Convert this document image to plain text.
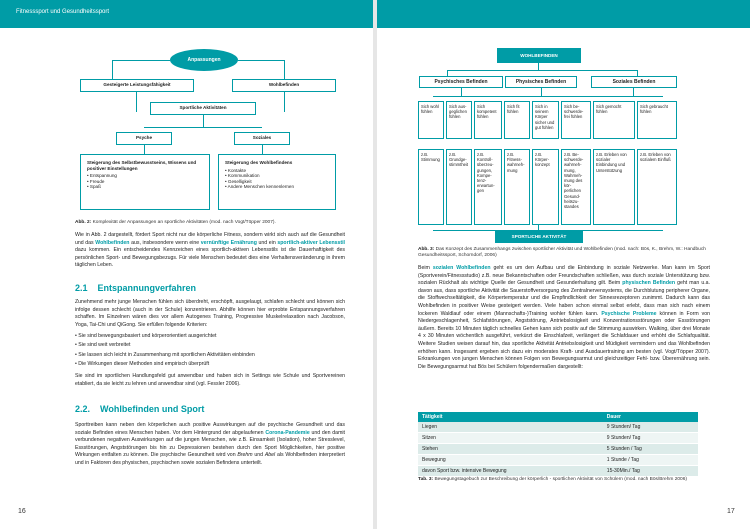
Fitnesssport und Gesundheitssport
Anpassungen
Gesteigerte Leistungsfähigkeit	Wohlbefinden
Sportliche Aktivitäten
Psyche	Soziales
Steigerung des Selbstbewusstseins, Wissens und positiver Einstellungen
• Entspannung
• Freude
• Spaß
Steigerung des Wohlbefindens
• Kontakte
• Kommunikation
• Geselligkeit
• Andere Menschen kennenlernen
Abb. 2: Komplexität der Anpassungen an sportliche Aktivitäten (mod. nach Vogt/Töpper 2007).
Wie in Abb. 2 dargestellt, fördert Sport nicht nur die körperliche Fitness, sondern wirkt sich auch auf die Gesundheit und das Wohlbefinden aus, insbesondere wenn eine vernünftige Ernährung und ein sportlich-aktiver Lebensstil dazu kommen. Ein entscheidendes Kennzeichen eines sportlich-aktiven Lebensstils ist die Dauerhaftigkeit des persönlichen Sport- und Bewegungsbezugs. Für viele Menschen bedeutet dies eine Verhaltensveränderung in ihrem täglichen Leben.
2.1 Entspannungverfahren
Zunehmend mehr junge Menschen fühlen sich überdreht, erschöpft, ausgelaugt, schlafen schlecht und können sich infolge dessen schlecht (auch in der Schule) konzentrieren. Abhilfe können hier erprobte Entspannungsverfahren schaffen. Im Einzelnen wären dies vor allem Autogenes Training, Progressive Muskelrelaxation nach Jacobson, Yoga, Tai-Chi und QiGong. Sie erfüllen folgende Kriterien:
• Sie sind bewegungsbasiert und körperorientiert ausgerichtet
• Sie sind weit verbreitet
• Sie lassen sich leicht in Zusammenhang mit sportlichen Aktivitäten einbinden
• Die Wirkungen dieser Methoden sind empirisch überprüft
Sie sind im sportlichen Handlungsfeld gut anwendbar und haben sich in Settings wie Schule und Sportvereinen etabliert, da sie leicht zu lehren und anwendbar sind (vgl. Fessler 2006).
2.2. Wohlbefinden und Sport
Sporttreiben kann neben den körperlichen auch positive Auswirkungen auf die psychische Gesundheit und das soziale Befinden eines Menschen haben. Vor dem Hintergrund der abgelaufenen Corona-Pandemie und den damit verbundenen negativen Auswirkungen auf die jungen Menschen, wie z.B. Einsamkeit (Isolation), hoher Stresslevel, Essstörungen, Angststörungen bis hin zu Depressionen bestehen durch den Sport Möglichkeiten, hier positive Wirkungen entfalten zu können. Die psychische Gesundheit wird von Brehm und Abel als Wohlbefinden interpretiert und in Faktoren des physischen, psychischen sowie sozialen Befindens unterteilt.
16
WOHLBEFINDEN
Psychisches Befinden	Physisches Befinden	Soziales Befinden
Sich wohl fühlen
Sich aus-geglichen fühlen
Sich kompetent fühlen
Sich fit fühlen
Sich in seinem Körper sicher und gut fühlen
Sich be-schwerde-frei fühlen
Sich gemocht fühlen
Sich gebraucht fühlen
z.B. Stimmung
z.B. Grundge-stimmtheit
z.B. Kontroll-überzeu-gungen, Kompe-tenz-erwartun-gen
z.B. Fitness-wahrneh-mung
z.B. Körper-konzept
z.B. Be-schwerde-wahrneh-mung, Wahrneh-mung des kör-perlichen Gesund-heitszu-standes
z.B. Erleben von sozialer Einbindung und Unterstützung
z.B. Erleben von sozialem Einfluß
SPORTLICHE AKTIVITÄT
Abb. 3: Das Konzept des Zusammenhangs zwischen sportlicher Aktivität und Wohlbefinden (mod. nach: Bös, K., Brehm, W.: Handbuch Gesundheitssport, Schorndorf, 2006)
Beim sozialen Wohlbefinden geht es um den Aufbau und die Einbindung in soziale Netzwerke. Man kann im Sport (Sportverein/Fitnessstudio) z.B. neue Bekanntschaften oder Freundschaften schließen, was durch soziale Unterstützung bzw. sozialen Rückhalt als wichtige Quelle der Gesundheit und Gesunderhaltung gilt. Beim physischen Befinden geht man u.a. davon aus, dass sportliche Aktivität die Sauerstoffversorgung des Zentralnervensystems, die Durchblutung peripherer Organe, die Stoffwechseltätigkeit, die Körpertemperatur und die Empfindlichkeit der Sinnesrezeptoren zunimmt. Dadurch kann das Wohlbefinden in positiver Weise gesteigert werden. Viele haben schon einmal selbst erlebt, dass man sich nach einem lockeren Waldlauf oder einem (Mannschafts-)Training wohler fühlen kann. Psychische Probleme können in Form von Niedergeschlagenheit, Schlafstörungen, Angststörung, Antriebslosigkeit und Konzentrationsstörungen oder Essstörungen äußern. Bereits 10 Minuten täglich schnelles Gehen kann sich positiv auf die Stimmung auswirken. Walking, über drei Monate 4 x 30 Minuten wöchentlich ausgeführt, verkürzt die Einschlafzeit, verlängert die Schlafdauer und erhöht die Schlafqualität. Weitere Studien weisen darauf hin, das sportliche Aktivität Antriebslosigkeit und Müdigkeit vermindern und das Wohlbefinden erhöhen kann. Insgesamt ergeben sich dazu ein moderates Kraft- und Ausdauertraining am besten (vgl. Vogt/Töpper 2007). Erkrankungen von jungen Menschen können Folgen von Bewegungsarmut und gleichzeitiger Fehl- bzw. Überernährung sein. Die Bewegungsarmut hat Bös bei Schülern folgendermaßen dargestellt:
Tätigkeit	Dauer
Liegen	9 Stunden/ Tag
Sitzen	9 Stunden/ Tag
Stehen	5 Stunden / Tag
Bewegung	1 Stunde / Tag
davon Sport bzw. intensive Bewegung	15-30Min./ Tag
Tab. 3: Bewegungstagebuch zur Beschreibung der körperlich - sportlichen Aktivität von Schülern (mod. nach Bös/Brehm 2006)
17
